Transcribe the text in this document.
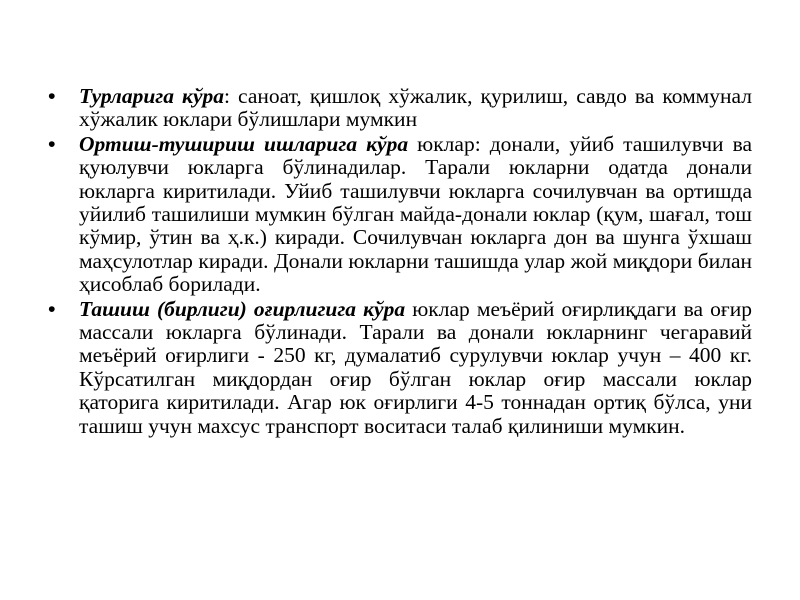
•	Турларига кўра: саноат, қишлоқ хўжалик, қурилиш, савдо ва коммунал хўжалик юклари бўлишлари мумкин
•	Ортиш-тушириш ишларига кўра юклар: донали, уйиб ташилувчи ва қуюлувчи юкларга бўлинадилар. Тарали юкларни одатда донали юкларга киритилади. Уйиб ташилувчи юкларга сочилувчан ва ортишда уйилиб ташилиши мумкин бўлган майда-донали юклар (қум, шағал, тош кўмир, ўтин ва ҳ.к.) киради. Сочилувчан юкларга дон ва шунга ўхшаш маҳсулотлар киради. Донали юкларни ташишда улар жой миқдори билан ҳисоблаб борилади.
•	Ташиш (бирлиги) оғирлигига кўра юклар меъёрий оғирлиқдаги ва оғир массали юкларга бўлинади. Тарали ва донали юкларнинг чегаравий меъёрий оғирлиги - 250 кг, думалатиб сурулувчи юклар учун – 400 кг. Кўрсатилган миқдордан оғир бўлган юклар оғир массали юклар қаторига киритилади. Агар юк оғирлиги 4-5 тоннадан ортиқ бўлса, уни ташиш учун махсус транспорт воситаси талаб қилиниши мумкин.
